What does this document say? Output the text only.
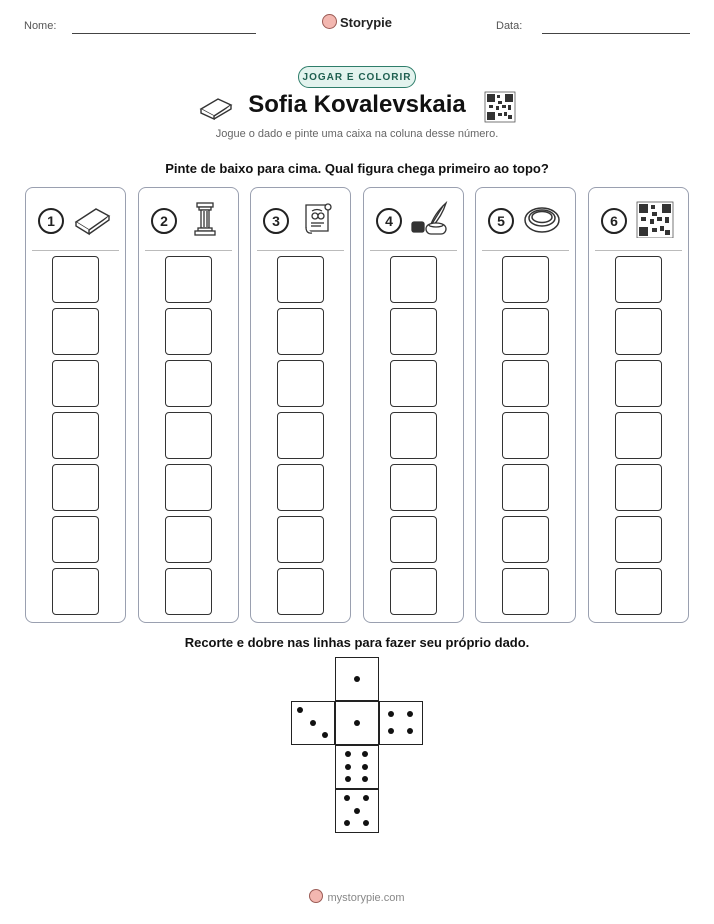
Nome:	Storypie	Data:
JOGAR E COLORIR
Sofia Kovalevskaia
Jogue o dado e pinte uma caixa na coluna desse número.
Pinte de baixo para cima. Qual figura chega primeiro ao topo?
1	2	3	4	5	6
Recorte e dobre nas linhas para fazer seu próprio dado.
mystorypie.com
